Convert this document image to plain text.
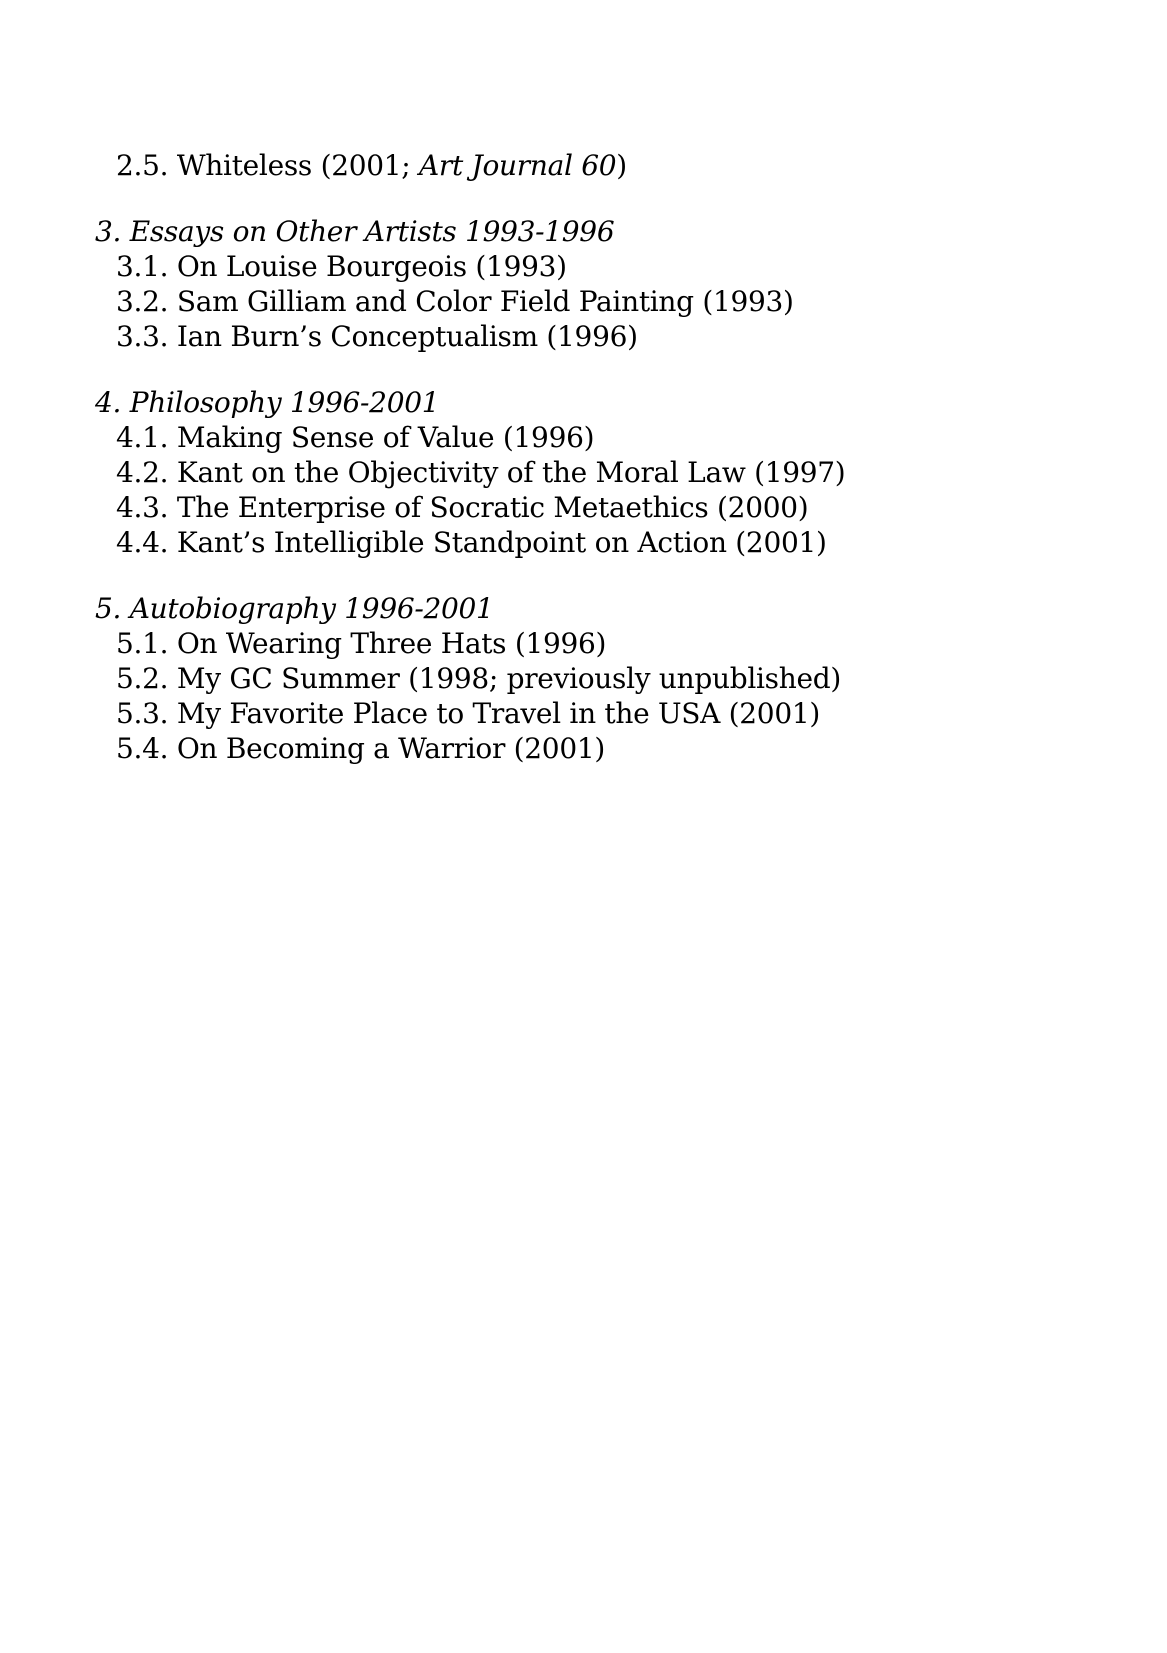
2.5. Whiteless (2001; Art Journal 60)
3. Essays on Other Artists 1993-1996
3.1. On Louise Bourgeois (1993)
3.2. Sam Gilliam and Color Field Painting (1993)
3.3. Ian Burn’s Conceptualism (1996)
4. Philosophy 1996-2001
4.1. Making Sense of Value (1996)
4.2. Kant on the Objectivity of the Moral Law (1997)
4.3. The Enterprise of Socratic Metaethics (2000)
4.4. Kant’s Intelligible Standpoint on Action (2001)
5. Autobiography 1996-2001
5.1. On Wearing Three Hats (1996)
5.2. My GC Summer (1998; previously unpublished)
5.3. My Favorite Place to Travel in the USA (2001)
5.4. On Becoming a Warrior (2001)
